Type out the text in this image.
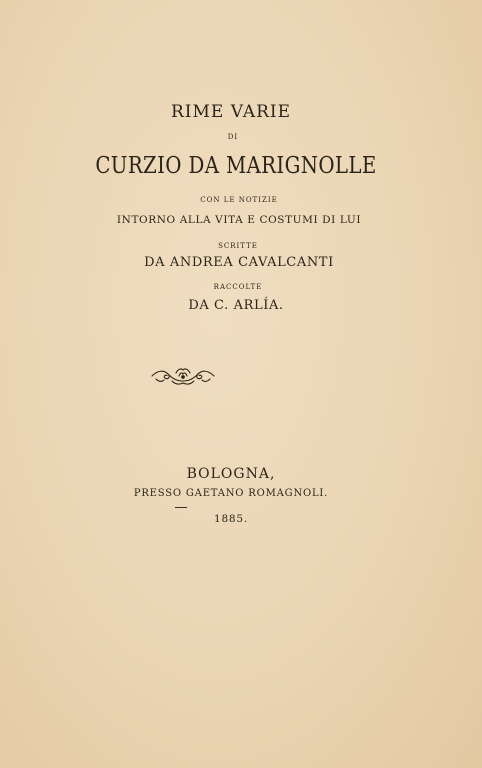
RIME VARIE
DI
CURZIO DA MARIGNOLLE
CON LE NOTIZIE
INTORNO ALLA VITA E COSTUMI DI LUI
SCRITTE
DA ANDREA CAVALCANTI
RACCOLTE
DA C. ARLÍA.
BOLOGNA,
PRESSO GAETANO ROMAGNOLI.
1885.
